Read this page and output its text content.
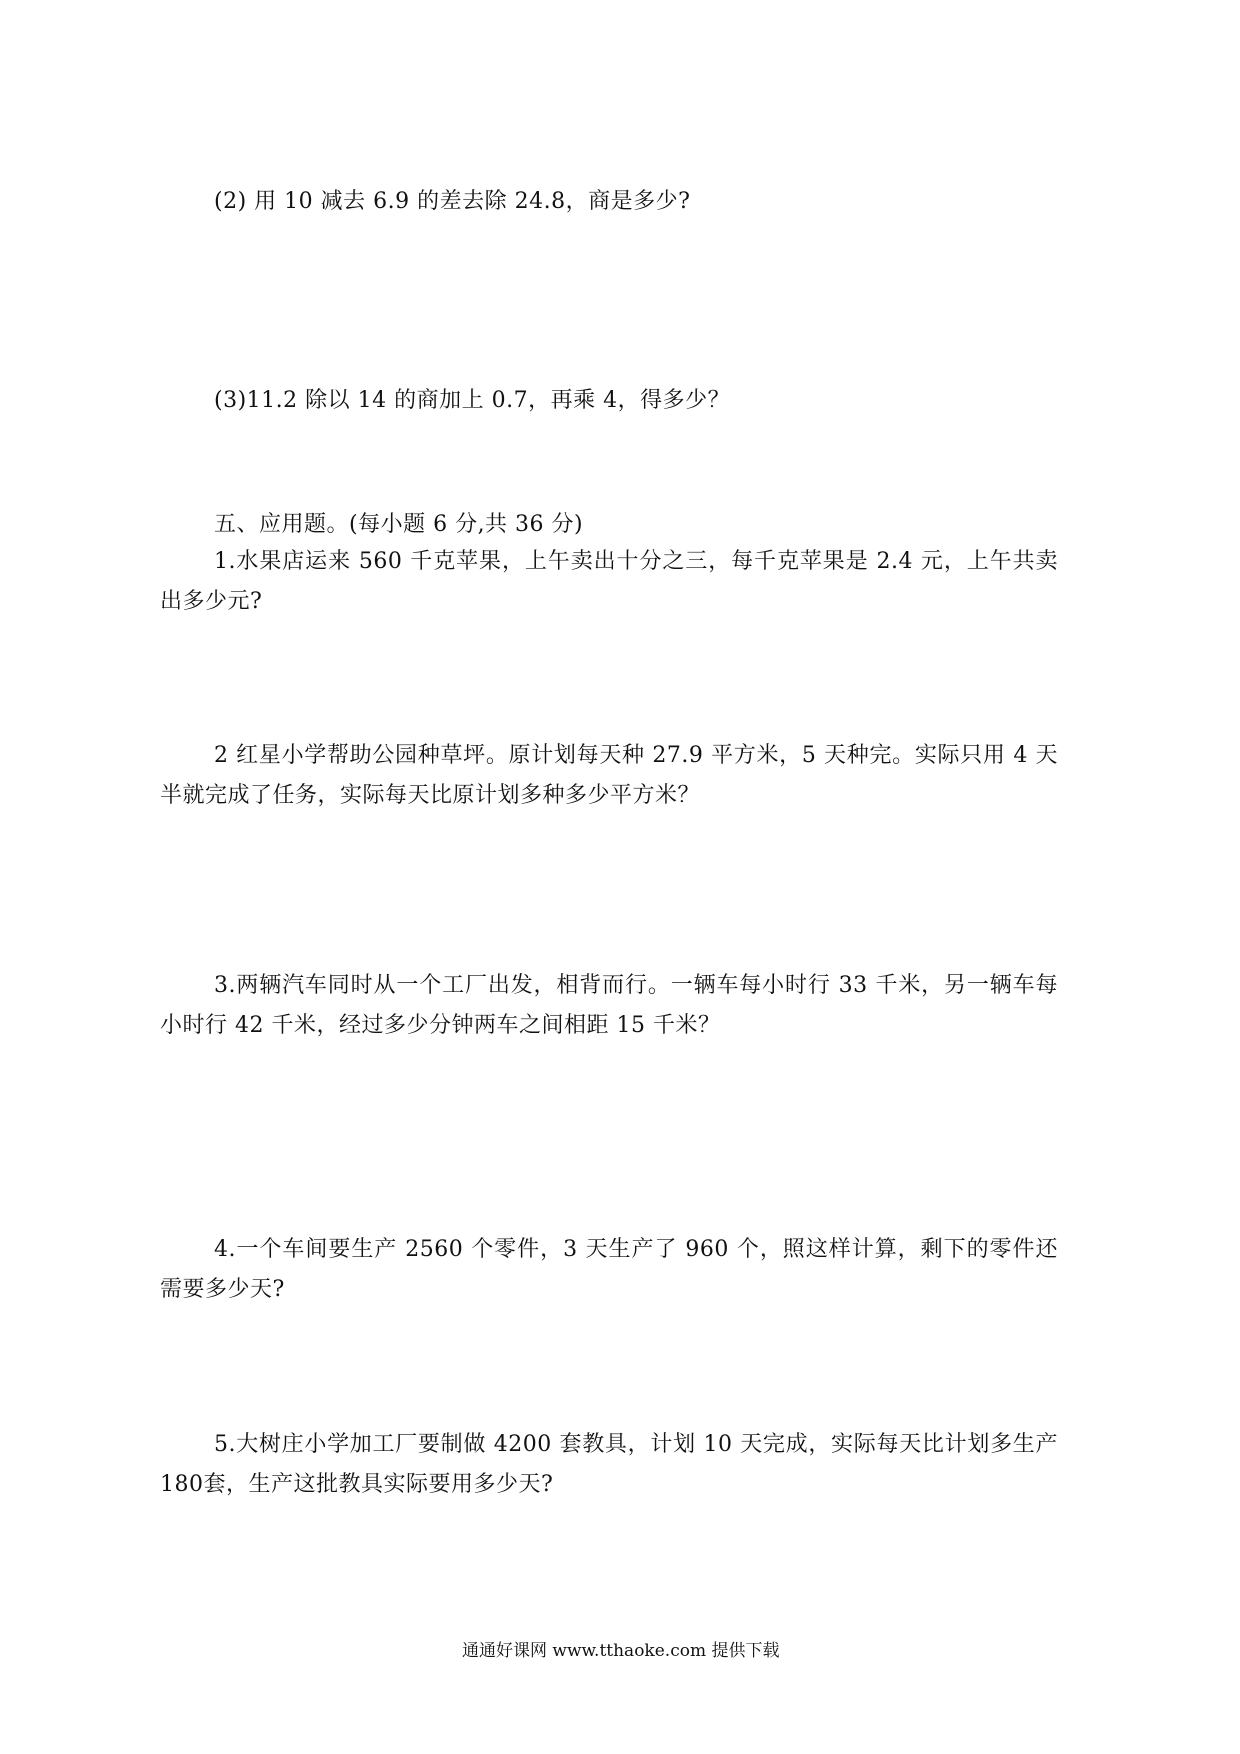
(2) 用 10 减去 6.9 的差去除 24.8，商是多少?
(3)11.2 除以 14 的商加上 0.7，再乘 4，得多少？
五、应用题。(每小题 6 分,共 36 分)
1.水果店运来 560 千克苹果，上午卖出十分之三，每千克苹果是 2.4 元，上午共卖出多少元?
2 红星小学帮助公园种草坪。原计划每天种 27.9 平方米，5 天种完。实际只用 4 天半就完成了任务，实际每天比原计划多种多少平方米？
3.两辆汽车同时从一个工厂出发，相背而行。一辆车每小时行 33 千米，另一辆车每小时行 42 千米，经过多少分钟两车之间相距 15 千米？
4.一个车间要生产 2560 个零件，3 天生产了 960 个，照这样计算，剩下的零件还需要多少天?
5.大树庄小学加工厂要制做 4200 套教具，计划 10 天完成，实际每天比计划多生产 180套，生产这批教具实际要用多少天?
通通好课网 www.tthaoke.com 提供下载
